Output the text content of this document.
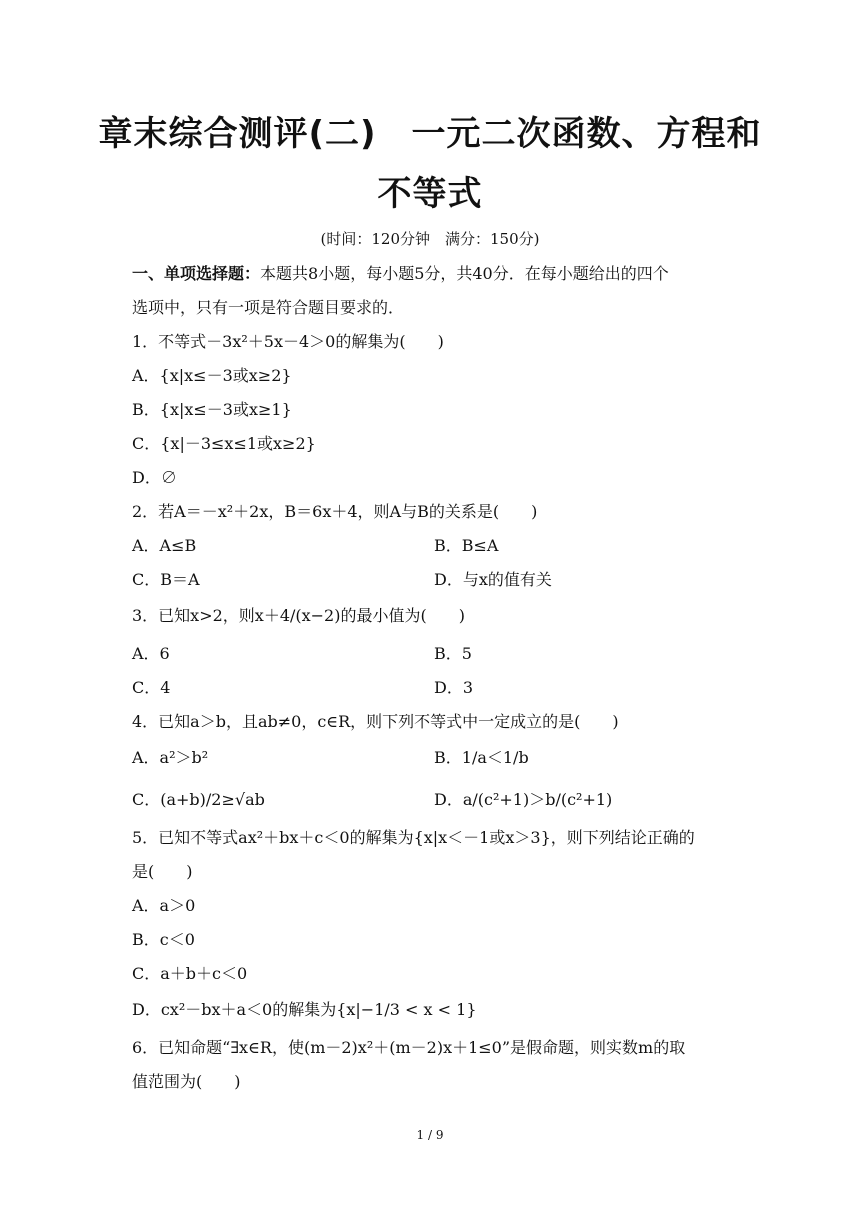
章末综合测评(二)　一元二次函数、方程和
不等式
(时间：120分钟　满分：150分)
一、单项选择题：本题共8小题，每小题5分，共40分．在每小题给出的四个
选项中，只有一项是符合题目要求的．
1．不等式－3x²＋5x－4＞0的解集为(　　)
A．{x|x≤－3或x≥2}
B．{x|x≤－3或x≥1}
C．{x|－3≤x≤1或x≥2}
D．∅
2．若A＝－x²＋2x，B＝6x＋4，则A与B的关系是(　　)
A．A≤B	B．B≤A
C．B＝A	D．与x的值有关
3．已知x>2，则x＋4/(x−2)的最小值为(　　)
A．6	B．5
C．4	D．3
4．已知a＞b，且ab≠0，c∈R，则下列不等式中一定成立的是(　　)
A．a²＞b²	B．1/a＜1/b
C．(a+b)/2≥√ab	D．a/(c²+1)＞b/(c²+1)
5．已知不等式ax²＋bx＋c＜0的解集为{x|x＜－1或x＞3}，则下列结论正确的
是(　　)
A．a＞0
B．c＜0
C．a＋b＋c＜0
D．cx²－bx＋a＜0的解集为{x|−1/3 < x < 1}
6．已知命题“∃x∈R，使(m－2)x²＋(m－2)x＋1≤0”是假命题，则实数m的取
值范围为(　　)
1 / 9
